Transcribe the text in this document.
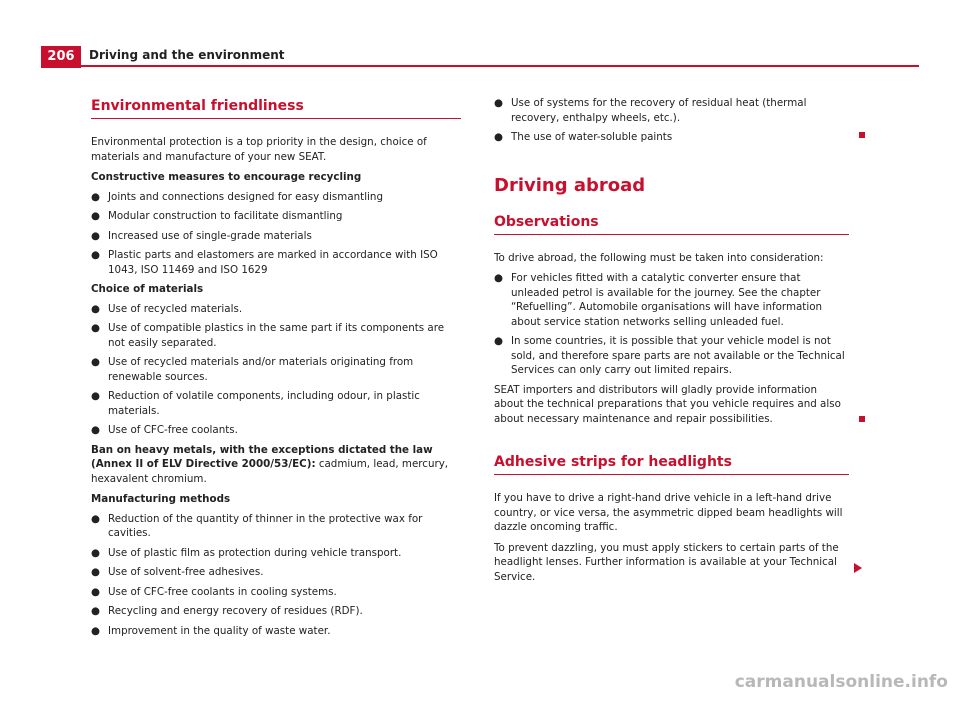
206	Driving and the environment
Environmental friendliness

Environmental protection is a top priority in the design, choice of materials and manufacture of your new SEAT.

Constructive measures to encourage recycling

● Joints and connections designed for easy dismantling
● Modular construction to facilitate dismantling
● Increased use of single-grade materials
● Plastic parts and elastomers are marked in accordance with ISO 1043, ISO 11469 and ISO 1629

Choice of materials

● Use of recycled materials.
● Use of compatible plastics in the same part if its components are not easily separated.
● Use of recycled materials and/or materials originating from renewable sources.
● Reduction of volatile components, including odour, in plastic materials.
● Use of CFC-free coolants.

Ban on heavy metals, with the exceptions dictated the law (Annex II of ELV Directive 2000/53/EC): cadmium, lead, mercury, hexavalent chromium.

Manufacturing methods

● Reduction of the quantity of thinner in the protective wax for cavities.
● Use of plastic film as protection during vehicle transport.
● Use of solvent-free adhesives.
● Use of CFC-free coolants in cooling systems.
● Recycling and energy recovery of residues (RDF).
● Improvement in the quality of waste water.
● Use of systems for the recovery of residual heat (thermal recovery, enthalpy wheels, etc.).
● The use of water-soluble paints
Driving abroad
Observations

To drive abroad, the following must be taken into consideration:

● For vehicles fitted with a catalytic converter ensure that unleaded petrol is available for the journey. See the chapter “Refuelling”. Automobile organisations will have information about service station networks selling unleaded fuel.
● In some countries, it is possible that your vehicle model is not sold, and therefore spare parts are not available or the Technical Services can only carry out limited repairs.

SEAT importers and distributors will gladly provide information about the technical preparations that you vehicle requires and also about necessary maintenance and repair possibilities.

Adhesive strips for headlights

If you have to drive a right-hand drive vehicle in a left-hand drive country, or vice versa, the asymmetric dipped beam headlights will dazzle oncoming traffic.

To prevent dazzling, you must apply stickers to certain parts of the headlight lenses. Further information is available at your Technical Service.

carmanualsonline.info
